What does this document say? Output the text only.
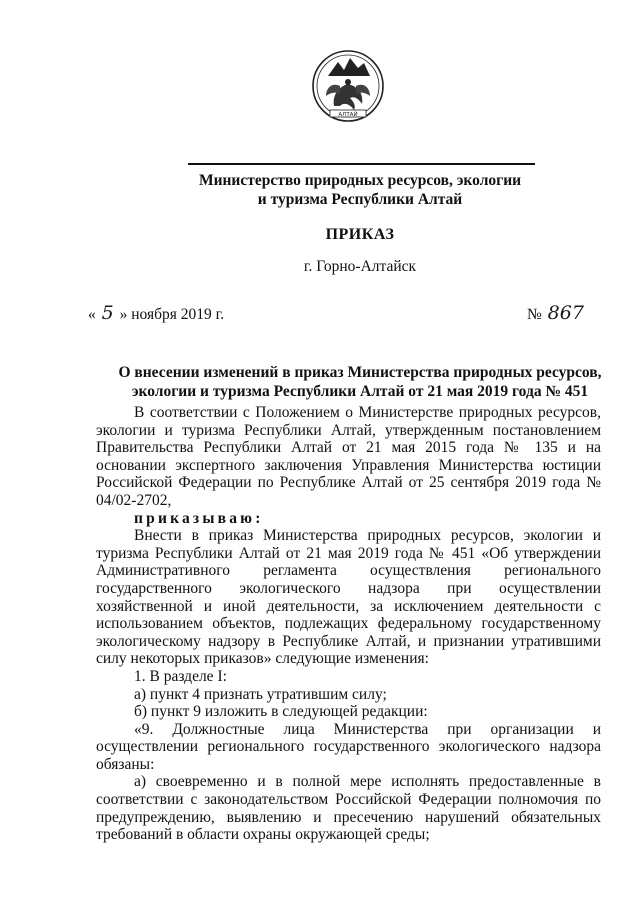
АЛТАЙ
Министерство природных ресурсов, экологии
и туризма Республики Алтай
ПРИКАЗ
г. Горно-Алтайск
« 5 » ноября 2019 г.	№ 867
О внесении изменений в приказ Министерства природных ресурсов,
экологии и туризма Республики Алтай от 21 мая 2019 года № 451

В соответствии с Положением о Министерстве природных ресурсов, экологии и туризма Республики Алтай, утвержденным постановлением Правительства Республики Алтай от 21 мая 2015 года № 135 и на основании экспертного заключения Управления Министерства юстиции Российской Федерации по Республике Алтай от 25 сентября 2019 года № 04/02-2702,

приказываю:

Внести в приказ Министерства природных ресурсов, экологии и туризма Республики Алтай от 21 мая 2019 года № 451 «Об утверждении Административного регламента осуществления регионального государственного экологического надзора при осуществлении хозяйственной и иной деятельности, за исключением деятельности с использованием объектов, подлежащих федеральному государственному экологическому надзору в Республике Алтай, и признании утратившими силу некоторых приказов» следующие изменения:

1. В разделе I:

а) пункт 4 признать утратившим силу;

б) пункт 9 изложить в следующей редакции:

«9. Должностные лица Министерства при организации и осуществлении регионального государственного экологического надзора обязаны:

а) своевременно и в полной мере исполнять предоставленные в соответствии с законодательством Российской Федерации полномочия по предупреждению, выявлению и пресечению нарушений обязательных требований в области охраны окружающей среды;
